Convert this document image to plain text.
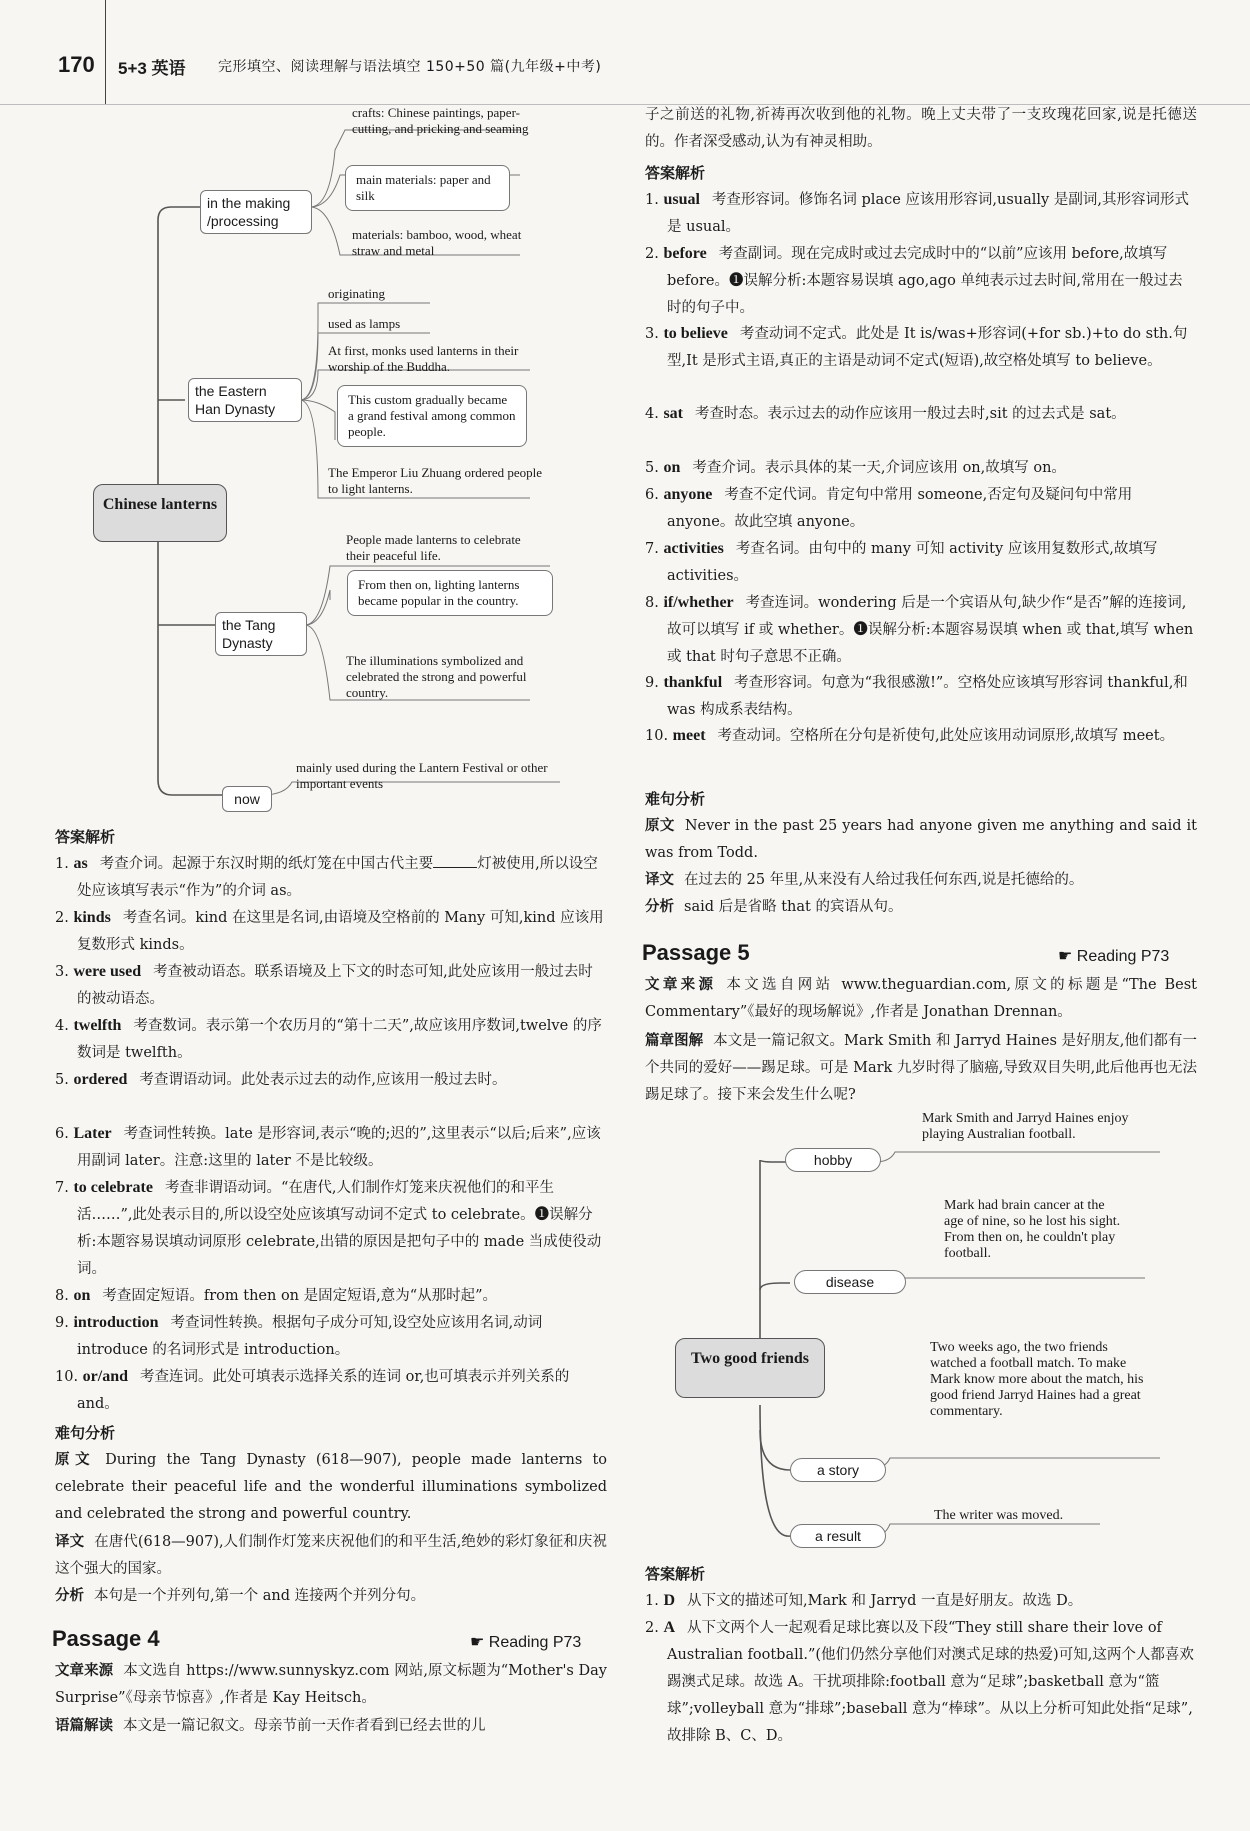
170 5+3 英语 完形填空、阅读理解与语法填空 150+50 篇(九年级+中考)
crafts: Chinese paintings, paper-cutting, and pricking and seaming
main materials: paper and silk
materials: bamboo, wood, wheat straw and metal
in the making /processing
originating
used as lamps
At first, monks used lanterns in their worship of the Buddha.
This custom gradually became a grand festival among common people.
The Emperor Liu Zhuang ordered people to light lanterns.
the Eastern Han Dynasty
Chinese lanterns
People made lanterns to celebrate their peaceful life.
From then on, lighting lanterns became popular in the country.
The illuminations symbolized and celebrated the strong and powerful country.
the Tang Dynasty
mainly used during the Lantern Festival or other important events
now
答案解析
1. as 考查介词。起源于东汉时期的纸灯笼在中国古代主要	灯被使用,所以设空处应该填写表示“作为”的介词 as。
2. kinds 考查名词。kind 在这里是名词,由语境及空格前的 Many 可知,kind 应该用复数形式 kinds。
3. were used 考查被动语态。联系语境及上下文的时态可知,此处应该用一般过去时的被动语态。
4. twelfth 考查数词。表示第一个农历月的“第十二天”,故应该用序数词,twelve 的序数词是 twelfth。
5. ordered 考查谓语动词。此处表示过去的动作,应该用一般过去时。
6. Later 考查词性转换。late 是形容词,表示“晚的;迟的”,这里表示“以后;后来”,应该用副词 later。注意:这里的 later 不是比较级。
7. to celebrate 考查非谓语动词。“在唐代,人们制作灯笼来庆祝他们的和平生活……”,此处表示目的,所以设空处应该填写动词不定式 to celebrate。❶误解分析:本题容易误填动词原形 celebrate,出错的原因是把句子中的 made 当成使役动词。
8. on 考查固定短语。from then on 是固定短语,意为“从那时起”。
9. introduction 考查词性转换。根据句子成分可知,设空处应该用名词,动词 introduce 的名词形式是 introduction。
10. or/and 考查连词。此处可填表示选择关系的连词 or,也可填表示并列关系的 and。
难句分析
原文 During the Tang Dynasty (618—907), people made lanterns to celebrate their peaceful life and the wonderful illuminations symbolized and celebrated the strong and powerful country.
译文 在唐代(618—907),人们制作灯笼来庆祝他们的和平生活,绝妙的彩灯象征和庆祝这个强大的国家。
分析 本句是一个并列句,第一个 and 连接两个并列分句。
Passage 4	☛ Reading P73
文章来源 本文选自 https://www.sunnyskyz.com 网站,原文标题为“Mother's Day Surprise”《母亲节惊喜》,作者是 Kay Heitsch。
语篇解读 本文是一篇记叙文。母亲节前一天作者看到已经去世的儿
子之前送的礼物,祈祷再次收到他的礼物。晚上丈夫带了一支玫瑰花回家,说是托德送的。作者深受感动,认为有神灵相助。
答案解析
1. usual 考查形容词。修饰名词 place 应该用形容词,usually 是副词,其形容词形式是 usual。
2. before 考查副词。现在完成时或过去完成时中的“以前”应该用 before,故填写 before。❶误解分析:本题容易误填 ago,ago 单纯表示过去时间,常用在一般过去时的句子中。
3. to believe 考查动词不定式。此处是 It is/was+形容词(+for sb.)+to do sth.句型,It 是形式主语,真正的主语是动词不定式(短语),故空格处填写 to believe。
4. sat 考查时态。表示过去的动作应该用一般过去时,sit 的过去式是 sat。
5. on 考查介词。表示具体的某一天,介词应该用 on,故填写 on。
6. anyone 考查不定代词。肯定句中常用 someone,否定句及疑问句中常用 anyone。故此空填 anyone。
7. activities 考查名词。由句中的 many 可知 activity 应该用复数形式,故填写 activities。
8. if/whether 考查连词。wondering 后是一个宾语从句,缺少作“是否”解的连接词,故可以填写 if 或 whether。❶误解分析:本题容易误填 when 或 that,填写 when 或 that 时句子意思不正确。
9. thankful 考查形容词。句意为“我很感激!”。空格处应该填写形容词 thankful,和 was 构成系表结构。
10. meet 考查动词。空格所在分句是祈使句,此处应该用动词原形,故填写 meet。
难句分析
原文 Never in the past 25 years had anyone given me anything and said it was from Todd.
译文 在过去的 25 年里,从来没有人给过我任何东西,说是托德给的。
分析 said 后是省略 that 的宾语从句。
Passage 5	☛ Reading P73
文章来源 本文选自网站 www.theguardian.com,原文的标题是“The Best Commentary”《最好的现场解说》,作者是 Jonathan Drennan。
篇章图解 本文是一篇记叙文。Mark Smith 和 Jarryd Haines 是好朋友,他们都有一个共同的爱好——踢足球。可是 Mark 九岁时得了脑癌,导致双目失明,此后他再也无法踢足球了。接下来会发生什么呢?
Mark Smith and Jarryd Haines enjoy playing Australian football.
hobby
Mark had brain cancer at the age of nine, so he lost his sight. From then on, he couldn't play football.
disease
Two good friends
Two weeks ago, the two friends watched a football match. To make Mark know more about the match, his good friend Jarryd Haines had a great commentary.
a story
The writer was moved.
a result
答案解析
1. D 从下文的描述可知,Mark 和 Jarryd 一直是好朋友。故选 D。
2. A 从下文两个人一起观看足球比赛以及下段“They still share their love of Australian football.”(他们仍然分享他们对澳式足球的热爱)可知,这两个人都喜欢踢澳式足球。故选 A。干扰项排除:football 意为“足球”;basketball 意为“篮球”;volleyball 意为“排球”;baseball 意为“棒球”。从以上分析可知此处指“足球”,故排除 B、C、D。
